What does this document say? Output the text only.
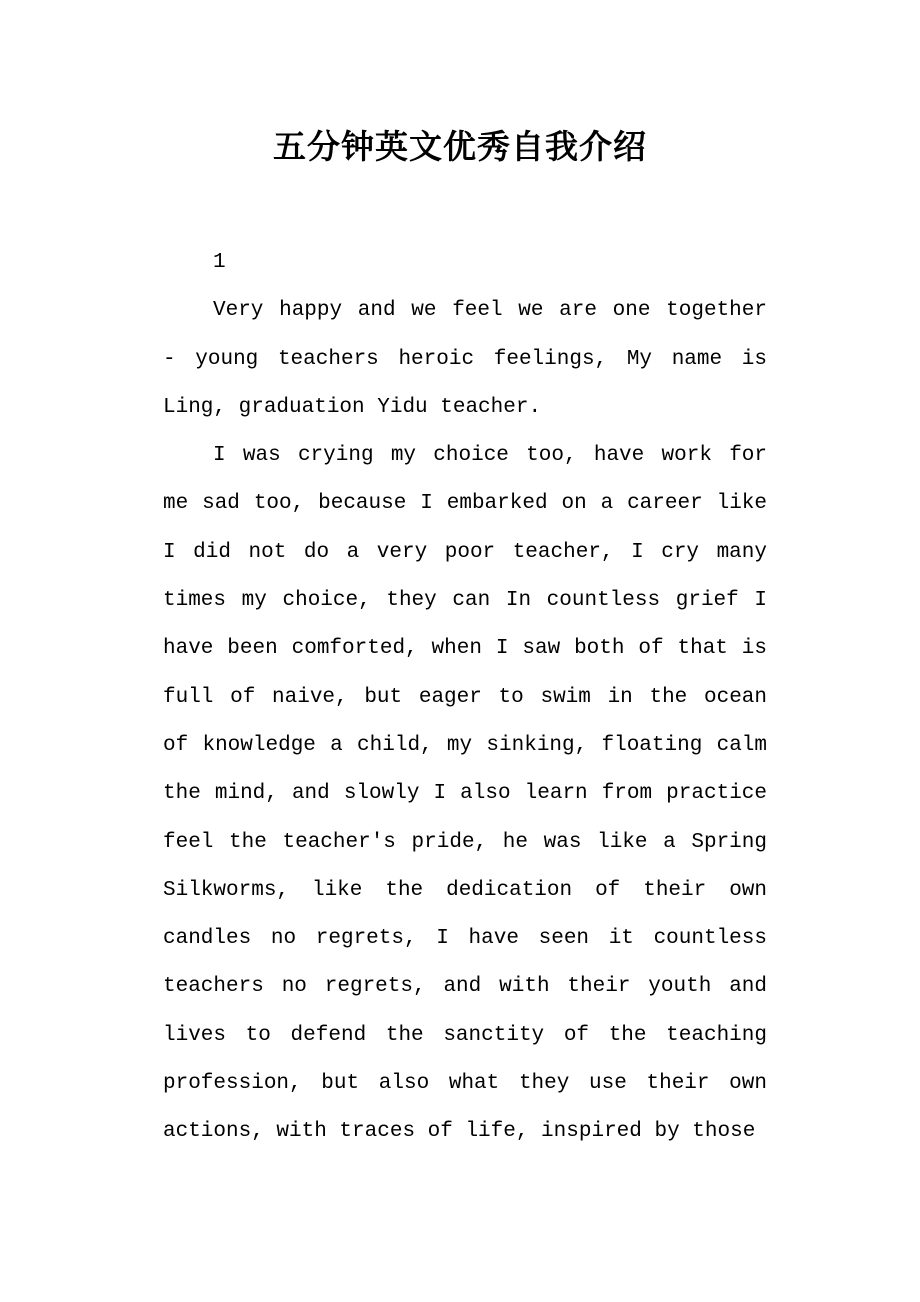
五分钟英文优秀自我介绍

1

Very happy and we feel we are one together - young teachers heroic feelings, My name is Ling, graduation Yidu teacher.

I was crying my choice too, have work for me sad too, because I embarked on a career like I did not do a very poor teacher, I cry many times my choice, they can In countless grief I have been comforted, when I saw both of that is full of naive, but eager to swim in the ocean of knowledge a child, my sinking, floating calm the mind, and slowly I also learn from practice feel the teacher's pride, he was like a Spring Silkworms, like the dedication of their own candles no regrets, I have seen it countless teachers no regrets, and with their youth and lives to defend the sanctity of the teaching profession, but also what they use their own actions, with traces of life, inspired by those
